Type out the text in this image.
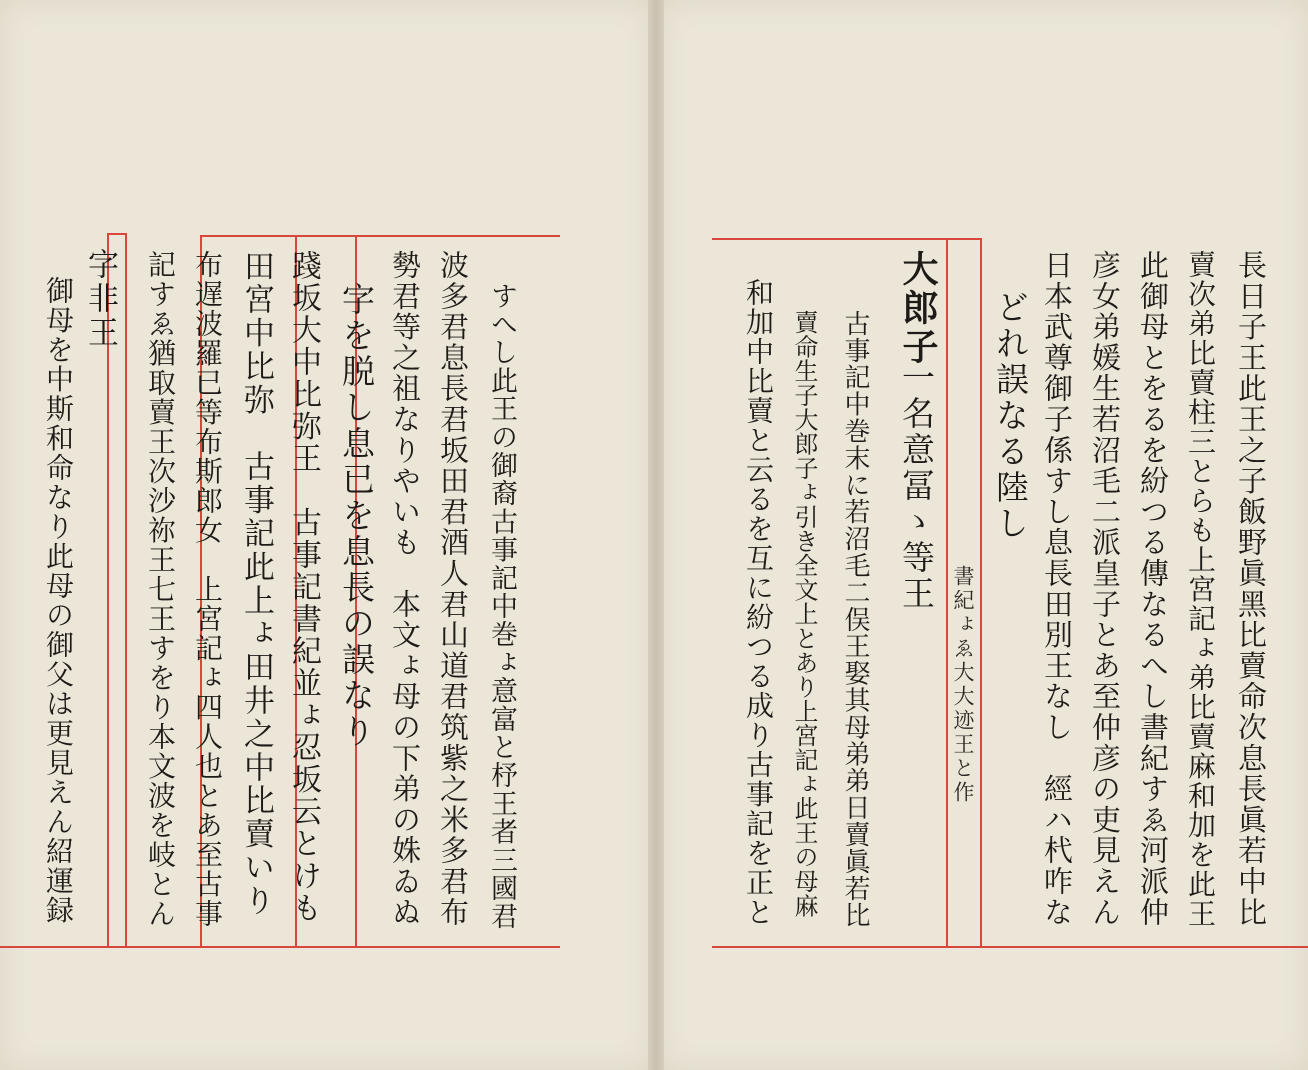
字非王
御母を中斯和命なり此母の御父は更見えん紹運録 記すゑ猶取賣王次沙祢王七王すをり本文波を岐とん 布遅波羅已等布斯郎女　上宮記ょ四人也とあ至古事 田宮中比弥　古事記此上ょ田井之中比賣いり 踐坂大中比弥王　古事記書紀並ょ忍坂云とけも 字を脱し息已を息長の誤なり 勢君等之祖なりやいも　本文ょ母の下弟の姝ゐぬ 波多君息長君坂田君酒人君山道君筑紫之米多君布 すへし此王の御裔古事記中巻ょ意富と杼王者三國君	和加中比賣と云るを互に紛つる成り古事記を正と 賣命生子大郎子ょ引き全文上とあり上宮記ょ此王の母麻 古事記中巻末に若沼毛二俣王娶其母弟弟日賣眞若比
大郎子
一名意冨ゝ等王
書紀ょゑ大大迹王と作
どれ誤なる陸し 日本武尊御子係すし息長田別王なし　經ハ杙咋な 彦女弟媛生若沼毛二派皇子とあ至仲彦の吏見えん 此御母とをるを紛つる傳なるへし書紀すゑ河派仲 賣次弟比賣柱三とらも上宮記ょ弟比賣麻和加を此王 長日子王此王之子飯野眞黑比賣命次息長眞若中比
